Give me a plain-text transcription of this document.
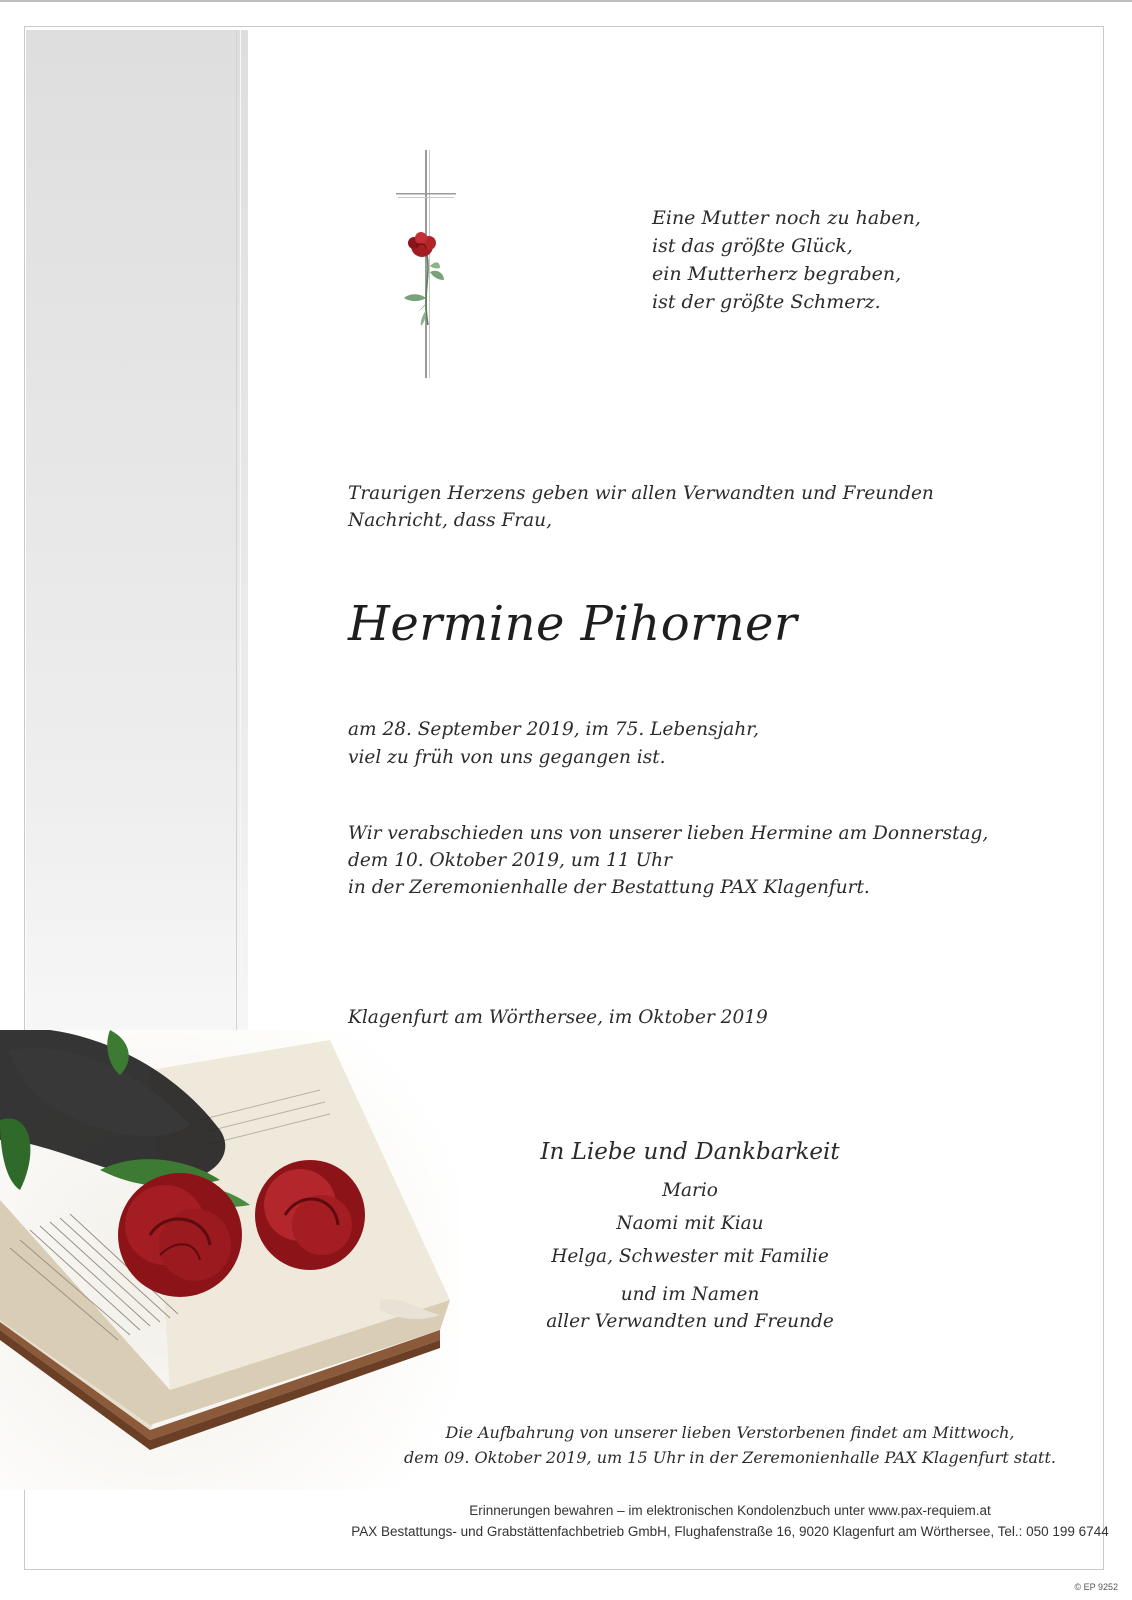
Eine Mutter noch zu haben,
ist das größte Glück,
ein Mutterherz begraben,
ist der größte Schmerz.
Traurigen Herzens geben wir allen Verwandten und Freunden
Nachricht, dass Frau,
Hermine Pihorner
am 28. September 2019, im 75. Lebensjahr,
viel zu früh von uns gegangen ist.
Wir verabschieden uns von unserer lieben Hermine am Donnerstag,
dem 10. Oktober 2019, um 11 Uhr
in der Zeremonienhalle der Bestattung PAX Klagenfurt.
Klagenfurt am Wörthersee, im Oktober 2019
In Liebe und Dankbarkeit
Mario
Naomi mit Kiau
Helga, Schwester mit Familie
und im Namen
aller Verwandten und Freunde
Die Aufbahrung von unserer lieben Verstorbenen findet am Mittwoch,
dem 09. Oktober 2019, um 15 Uhr in der Zeremonienhalle PAX Klagenfurt statt.
Erinnerungen bewahren – im elektronischen Kondolenzbuch unter www.pax-requiem.at
PAX Bestattungs- und Grabstättenfachbetrieb GmbH, Flughafenstraße 16, 9020 Klagenfurt am Wörthersee, Tel.: 050 199 6744
© EP 9252
